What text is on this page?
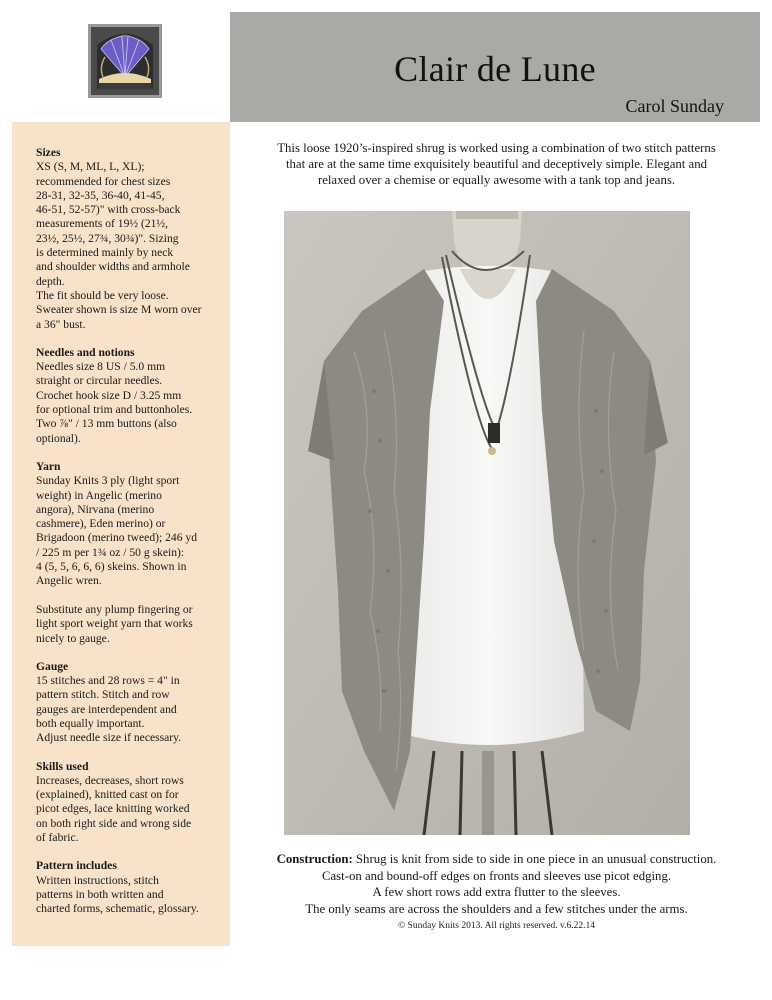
Clair de Lune
Carol Sunday
Sizes

XS (S, M, ML, L, XL);
recommended for chest sizes
28-31, 32-35, 36-40, 41-45,
46-51, 52-57)" with cross-back
measurements of 19½ (21½,
23½, 25½, 27¾, 30¾)". Sizing
is determined mainly by neck
and shoulder widths and armhole
depth.
The fit should be very loose.
Sweater shown is size M worn over
a 36" bust.

Needles and notions

Needles size 8 US / 5.0 mm
straight or circular needles.
Crochet hook size D / 3.25 mm
for optional trim and buttonholes.
Two ⅞" / 13 mm buttons (also
optional).

Yarn

Sunday Knits 3 ply (light sport
weight) in Angelic (merino
angora), Nirvana (merino
cashmere), Eden merino) or
Brigadoon (merino tweed); 246 yd
/ 225 m per 1¾ oz / 50 g skein):
4 (5, 5, 6, 6, 6) skeins. Shown in
Angelic wren.

Substitute any plump fingering or
light sport weight yarn that works
nicely to gauge.

Gauge

15 stitches and 28 rows = 4" in
pattern stitch. Stitch and row
gauges are interdependent and
both equally important.
Adjust needle size if necessary.

Skills used

Increases, decreases, short rows
(explained), knitted cast on for
picot edges, lace knitting worked
on both right side and wrong side
of fabric.

Pattern includes

Written instructions, stitch
patterns in both written and
charted forms, schematic, glossary.

This loose 1920’s-inspired shrug is worked using a combination of two stitch patterns
that are at the same time exquisitely beautiful and deceptively simple. Elegant and
relaxed over a chemise or equally awesome with a tank top and jeans.
Construction: Shrug is knit from side to side in one piece in an unusual construction.
Cast-on and bound-off edges on fronts and sleeves use picot edging.
A few short rows add extra flutter to the sleeves.
The only seams are across the shoulders and a few stitches under the arms.
© Sunday Knits 2013. All rights reserved. v.6.22.14
